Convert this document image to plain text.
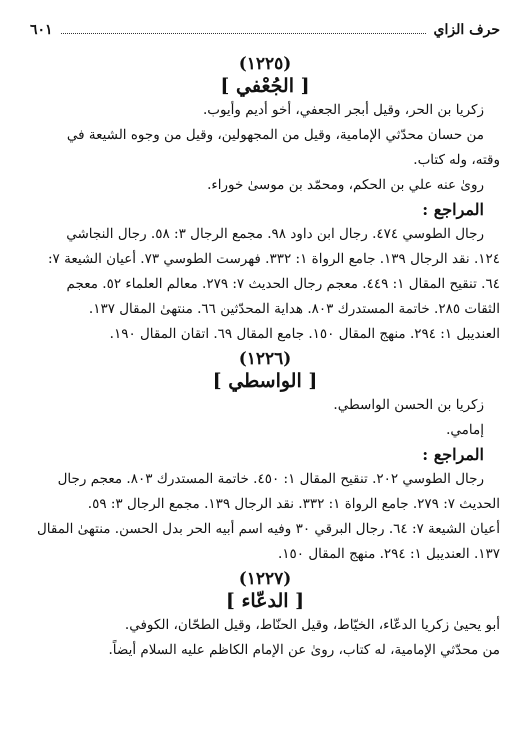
حرف الزاي
٦٠١
(١٢٢٥)
[ الجُعْفي ]

زكريا بن الحر، وقيل أبجر الجعفي، أخو أديم وأيوب.

من حسان محدّثي الإمامية، وقيل من المجهولين، وقيل من وجوه الشيعة في

وقته، وله كتاب.

روىٰ عنه علي بن الحكم، ومحمّد بن موسىٰ خوراء.

المراجع :

رجال الطوسي ٤٧٤. رجال ابن داود ٩٨. مجمع الرجال ٣: ٥٨. رجال النجاشي

١٢٤. نقد الرجال ١٣٩. جامع الرواة ١: ٣٣٢. فهرست الطوسي ٧٣. أعيان الشيعة ٧:

٦٤. تنقيح المقال ١: ٤٤٩. معجم رجال الحديث ٧: ٢٧٩. معالم العلماء ٥٢. معجم

الثقات ٢٨٥. خاتمة المستدرك ٨٠٣. هداية المحدّثين ٦٦. منتهىٰ المقال ١٣٧.

العنديبل ١: ٢٩٤. منهج المقال ١٥٠. جامع المقال ٦٩. اتقان المقال ١٩٠.

(١٢٢٦)
[ الواسطي ]

زكريا بن الحسن الواسطي.

إمامي.

المراجع :

رجال الطوسي ٢٠٢. تنقيح المقال ١: ٤٥٠. خاتمة المستدرك ٨٠٣. معجم رجال

الحديث ٧: ٢٧٩. جامع الرواة ١: ٣٣٢. نقد الرجال ١٣٩. مجمع الرجال ٣: ٥٩.

أعيان الشيعة ٧: ٦٤. رجال البرقي ٣٠ وفيه اسم أبيه الحر بدل الحسن. منتهىٰ المقال

١٣٧. العنديبل ١: ٢٩٤. منهج المقال ١٥٠.

(١٢٢٧)
[ الدعّاء ]

أبو يحيىٰ زكريا الدعّاء، الخيّاط، وقيل الحنّاط، وقيل الطحّان، الكوفي.

من محدّثي الإمامية، له كتاب، روىٰ عن الإمام الكاظم عليه السلام أيضاً.
